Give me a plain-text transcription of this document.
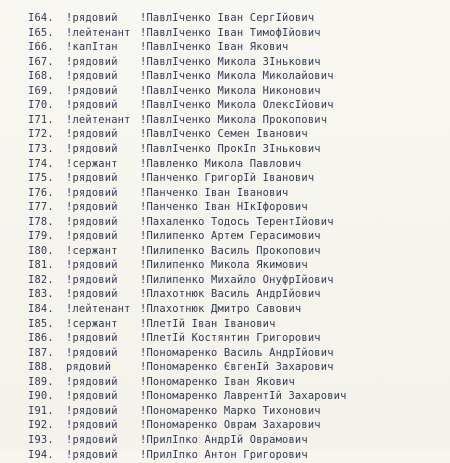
I64. !рядовий !ПавлІченко Іван СергІйович
I65. !лейтенант !ПавлІченко Іван ТимофІйович
I66. !капІтан !ПавлІченко Іван Якович
I67. !рядовий !ПавлІченко Микола ЗІнькович
I68. !рядовий !ПавлІченко Микола Миколайович
I69. !рядовий !ПавлІченко Микола Никонович
I70. !рядовий !ПавлІченко Микола ОлексІйович
I71. !лейтенант !ПавлІченко Микола Прокопович
I72. !рядовий !ПавлІченко Семен Іванович
I73. !рядовий !ПавлІченко ПрокІп ЗІнькович
I74. !сержант !Павленко Микола Павлович
I75. !рядовий !Панченко ГригорІй Іванович
I76. !рядовий !Панченко Іван Іванович
I77. !рядовий !Панченко Іван НІкІфорович
I78. !рядовий !Пахаленко Тодось ТерентІйович
I79. !рядовий !Пилипенко Артем Герасимович
I80. !сержант !Пилипенко Василь Прокопович
I81. !рядовий !Пилипенко Микола Якимович
I82. !рядовий !Пилипенко Михайло ОнуфрІйович
I83. !рядовий !Плахотнюк Василь АндрІйович
I84. !лейтенант !Плахотнюк Дмитро Савович
I85. !сержант !ПлетІй Іван Іванович
I86. !рядовий !ПлетІй Костянтин Григорович
I87. !рядовий !Пономаренко Василь АндрІйович
I88. рядовий	!Пономаренко ЄвгенІй Захарович
I89. !рядовий !Пономаренко Іван Якович
I90. !рядовий !Пономаренко ЛаврентІй Захарович
I91. !рядовий !Пономаренко Марко Тихонович
I92. !рядовий !Пономаренко Оврам Захарович
I93. !рядовий !ПрилІпко АндрІй Оврамович
I94. !рядовий !ПрилІпко Антон Григорович
